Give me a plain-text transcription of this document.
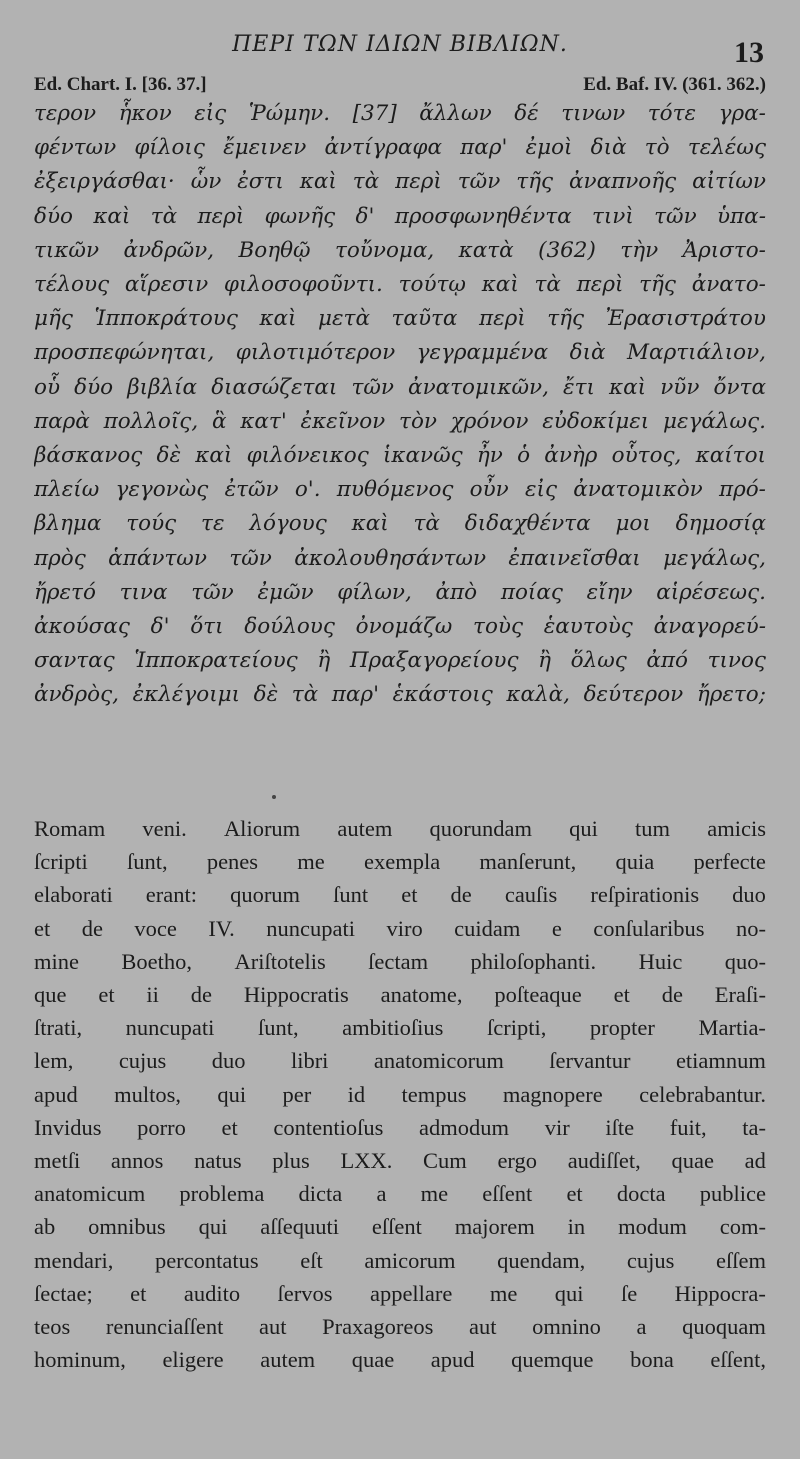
ΠΕΡΙ ΤΩΝ ΙΔΙΩΝ ΒΙΒΛΙΩΝ.	13
Ed. Chart. I. [36. 37.]	Ed. Baf. IV. (361. 362.)
τερον ἧκον εἰς Ῥώμην. [37] ἄλλων δέ τινων τότε γρα-
φέντων φίλοις ἔμεινεν ἀντίγραφα παρ' ἐμοὶ διὰ τὸ τελέως
ἐξειργάσθαι· ὧν ἐστι καὶ τὰ περὶ τῶν τῆς ἀναπνοῆς αἰτίων
δύο καὶ τὰ περὶ φωνῆς δ' προσφωνηθέντα τινὶ τῶν ὑπα-
τικῶν ἀνδρῶν, Βοηθῷ τοὔνομα, κατὰ (362) τὴν Ἀριστο-
τέλους αἵρεσιν φιλοσοφοῦντι. τούτῳ καὶ τὰ περὶ τῆς ἀνατο-
μῆς Ἱπποκράτους καὶ μετὰ ταῦτα περὶ τῆς Ἐρασιστράτου
προσπεφώνηται, φιλοτιμότερον γεγραμμένα διὰ Μαρτιάλιον,
οὗ δύο βιβλία διασώζεται τῶν ἀνατομικῶν, ἔτι καὶ νῦν ὄντα
παρὰ πολλοῖς, ἃ κατ' ἐκεῖνον τὸν χρόνον εὐδοκίμει μεγάλως.
βάσκανος δὲ καὶ φιλόνεικος ἱκανῶς ἦν ὁ ἀνὴρ οὗτος, καίτοι
πλείω γεγονὼς ἐτῶν ο'. πυθόμενος οὖν εἰς ἀνατομικὸν πρό-
βλημα τούς τε λόγους καὶ τὰ διδαχθέντα μοι δημοσίᾳ
πρὸς ἁπάντων τῶν ἀκολουθησάντων ἐπαινεῖσθαι μεγάλως,
ἤρετό τινα τῶν ἐμῶν φίλων, ἀπὸ ποίας εἴην αἱρέσεως.
ἀκούσας δ' ὅτι δούλους ὀνομάζω τοὺς ἑαυτοὺς ἀναγορεύ-
σαντας Ἱπποκρατείους ἢ Πραξαγορείους ἢ ὅλως ἀπό τινος
ἀνδρὸς, ἐκλέγοιμι δὲ τὰ παρ' ἑκάστοις καλὰ, δεύτερον ἤρετο;
Romam veni. Aliorum autem quorundam qui tum amicis
ſcripti ſunt, penes me exempla manſerunt, quia perfecte
elaborati erant: quorum ſunt et de cauſis reſpirationis duo
et de voce IV. nuncupati viro cuidam e conſularibus no-
mine Boetho, Ariſtotelis ſectam philoſophanti. Huic quo-
que et ii de Hippocratis anatome, poſteaque et de Eraſi-
ſtrati, nuncupati ſunt, ambitioſius ſcripti, propter Martia-
lem, cujus duo libri anatomicorum ſervantur etiamnum
apud multos, qui per id tempus magnopere celebrabantur.
Invidus porro et contentioſus admodum vir iſte fuit, ta-
metſi annos natus plus LXX. Cum ergo audiſſet, quae ad
anatomicum problema dicta a me eſſent et docta publice
ab omnibus qui aſſequuti eſſent majorem in modum com-
mendari, percontatus eſt amicorum quendam, cujus eſſem
ſectae; et audito ſervos appellare me qui ſe Hippocra-
teos renunciaſſent aut Praxagoreos aut omnino a quoquam
hominum, eligere autem quae apud quemque bona eſſent,
